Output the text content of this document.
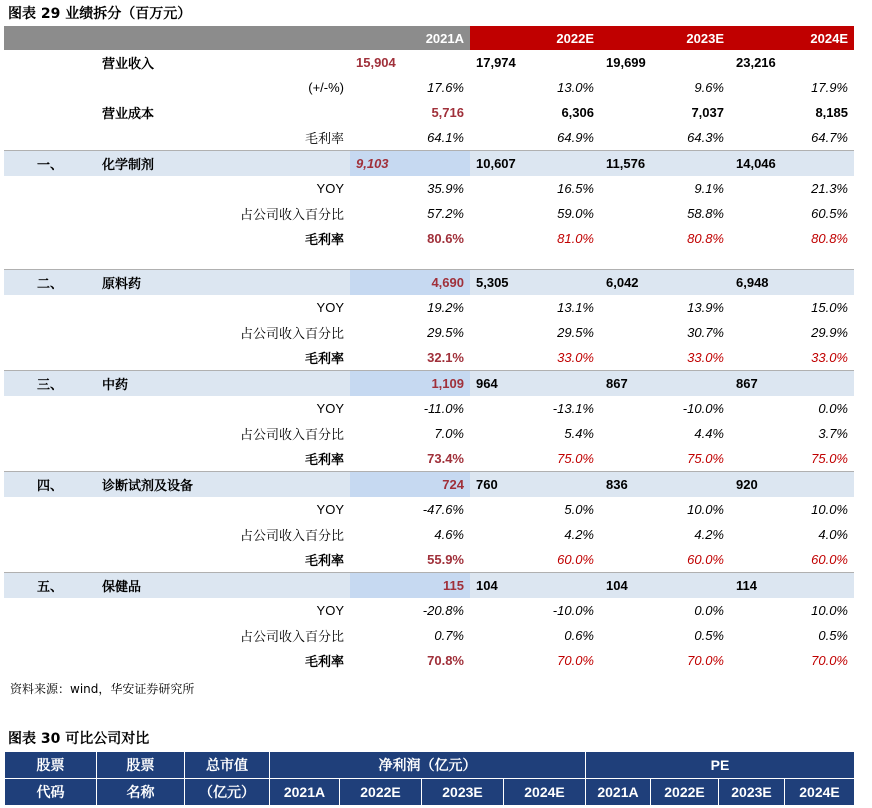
图表 29 业绩拆分（百万元）
		2021A	2022E	2023E	2024E
	营业收入	15,904	17,974	19,699	23,216
	(+/-%)	17.6%	13.0%	9.6%	17.9%
	营业成本	5,716	6,306	7,037	8,185
	毛利率	64.1%	64.9%	64.3%	64.7%
一、	化学制剂	9,103	10,607	11,576	14,046
	YOY	35.9%	16.5%	9.1%	21.3%
	占公司收入百分比	57.2%	59.0%	58.8%	60.5%
	毛利率	80.6%	81.0%	80.8%	80.8%

二、	原料药	4,690	5,305	6,042	6,948
	YOY	19.2%	13.1%	13.9%	15.0%
	占公司收入百分比	29.5%	29.5%	30.7%	29.9%
	毛利率	32.1%	33.0%	33.0%	33.0%
三、	中药	1,109	964	867	867
	YOY	-11.0%	-13.1%	-10.0%	0.0%
	占公司收入百分比	7.0%	5.4%	4.4%	3.7%
	毛利率	73.4%	75.0%	75.0%	75.0%
四、	诊断试剂及设备	724	760	836	920
	YOY	-47.6%	5.0%	10.0%	10.0%
	占公司收入百分比	4.6%	4.2%	4.2%	4.0%
	毛利率	55.9%	60.0%	60.0%	60.0%
五、	保健品	115	104	104	114
	YOY	-20.8%	-10.0%	0.0%	10.0%
	占公司收入百分比	0.7%	0.6%	0.5%	0.5%
	毛利率	70.8%	70.0%	70.0%	70.0%
资料来源：wind，华安证券研究所
图表 30 可比公司对比
股票	股票	总市值	净利润（亿元）				PE			
代码	名称	（亿元）	2021A	2022E	2023E	2024E	2021A	2022E	2023E	2024E
